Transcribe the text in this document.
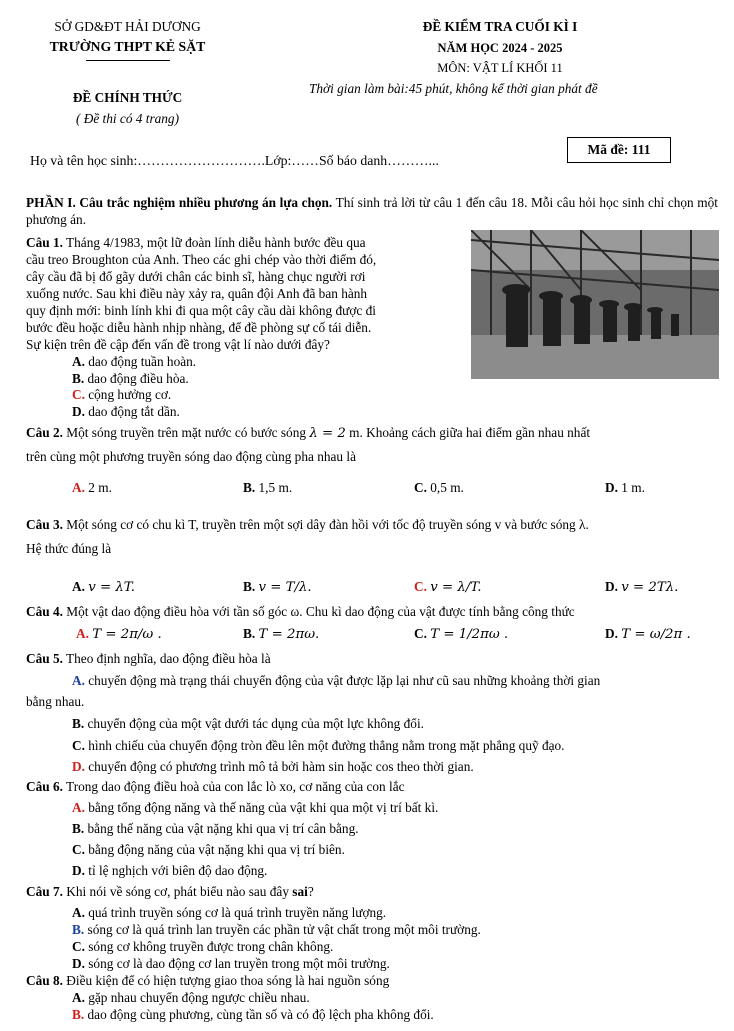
SỞ GD&ĐT HẢI DƯƠNG
TRƯỜNG THPT KẺ SẶT
ĐỀ CHÍNH THỨC
( Đề thi có 4 trang)
ĐỀ KIỂM TRA CUỐI KÌ I
NĂM HỌC 2024 - 2025
MÔN: VẬT LÍ KHỐI 11
Thời gian làm bài:45 phút, không kể thời gian phát đề
Mã đề: 111
Họ và tên học sinh:……………………….Lớp:……Số báo danh………...
PHẦN I. Câu trắc nghiệm nhiều phương án lựa chọn. Thí sinh trả lời từ câu 1 đến câu 18. Mỗi câu hỏi học sinh chỉ chọn một phương án.
Câu 1. Tháng 4/1983, một lữ đoàn lính diễu hành bước đều qua
cầu treo Broughton của Anh. Theo các ghi chép vào thời điểm đó,
cây cầu đã bị đổ gãy dưới chân các binh sĩ, hàng chục người rơi
xuống nước. Sau khi điều này xảy ra, quân đội Anh đã ban hành
quy định mới: binh lính khi đi qua một cây cầu dài không được đi
bước đều hoặc diễu hành nhịp nhàng, để đề phòng sự cố tái diễn.
Sự kiện trên đề cập đến vấn đề trong vật lí nào dưới đây?
A. dao động tuần hoàn.
B. dao động điều hòa.
C. cộng hưởng cơ.
D. dao động tắt dần.
Câu 2. Một sóng truyền trên mặt nước có bước sóng λ = 2 m. Khoảng cách giữa hai điểm gần nhau nhất
trên cùng một phương truyền sóng dao động cùng pha nhau là
A. 2 m.	B. 1,5 m.	C. 0,5 m.	D. 1 m.
Câu 3. Một sóng cơ có chu kì T, truyền trên một sợi dây đàn hồi với tốc độ truyền sóng v và bước sóng λ.
Hệ thức đúng là
A. v = λT.	B. v = T/λ.	C. v = λ/T.	D. v = 2Tλ.
Câu 4. Một vật dao động điều hòa với tần số góc ω. Chu kì dao động của vật được tính bằng công thức
A. T = 2π/ω .	B. T = 2πω.	C. T = 1/2πω .	D. T = ω/2π .
Câu 5. Theo định nghĩa, dao động điều hòa là
A. chuyển động mà trạng thái chuyển động của vật được lặp lại như cũ sau những khoảng thời gian
bằng nhau.
B. chuyển động của một vật dưới tác dụng của một lực không đổi.
C. hình chiếu của chuyển động tròn đều lên một đường thẳng nằm trong mặt phẳng quỹ đạo.
D. chuyển động có phương trình mô tả bởi hàm sin hoặc cos theo thời gian.
Câu 6. Trong dao động điều hoà của con lắc lò xo, cơ năng của con lắc
A. bằng tổng động năng và thế năng của vật khi qua một vị trí bất kì.
B. bằng thế năng của vật nặng khi qua vị trí cân bằng.
C. bằng động năng của vật nặng khi qua vị trí biên.
D. tỉ lệ nghịch với biên độ dao động.
Câu 7. Khi nói về sóng cơ, phát biểu nào sau đây sai?
A. quá trình truyền sóng cơ là quá trình truyền năng lượng.
B. sóng cơ là quá trình lan truyền các phần tử vật chất trong một môi trường.
C. sóng cơ không truyền được trong chân không.
D. sóng cơ là dao động cơ lan truyền trong một môi trường.
Câu 8. Điều kiện để có hiện tượng giao thoa sóng là hai nguồn sóng
A. gặp nhau chuyển động ngược chiều nhau.
B. dao động cùng phương, cùng tần số và có độ lệch pha không đổi.
